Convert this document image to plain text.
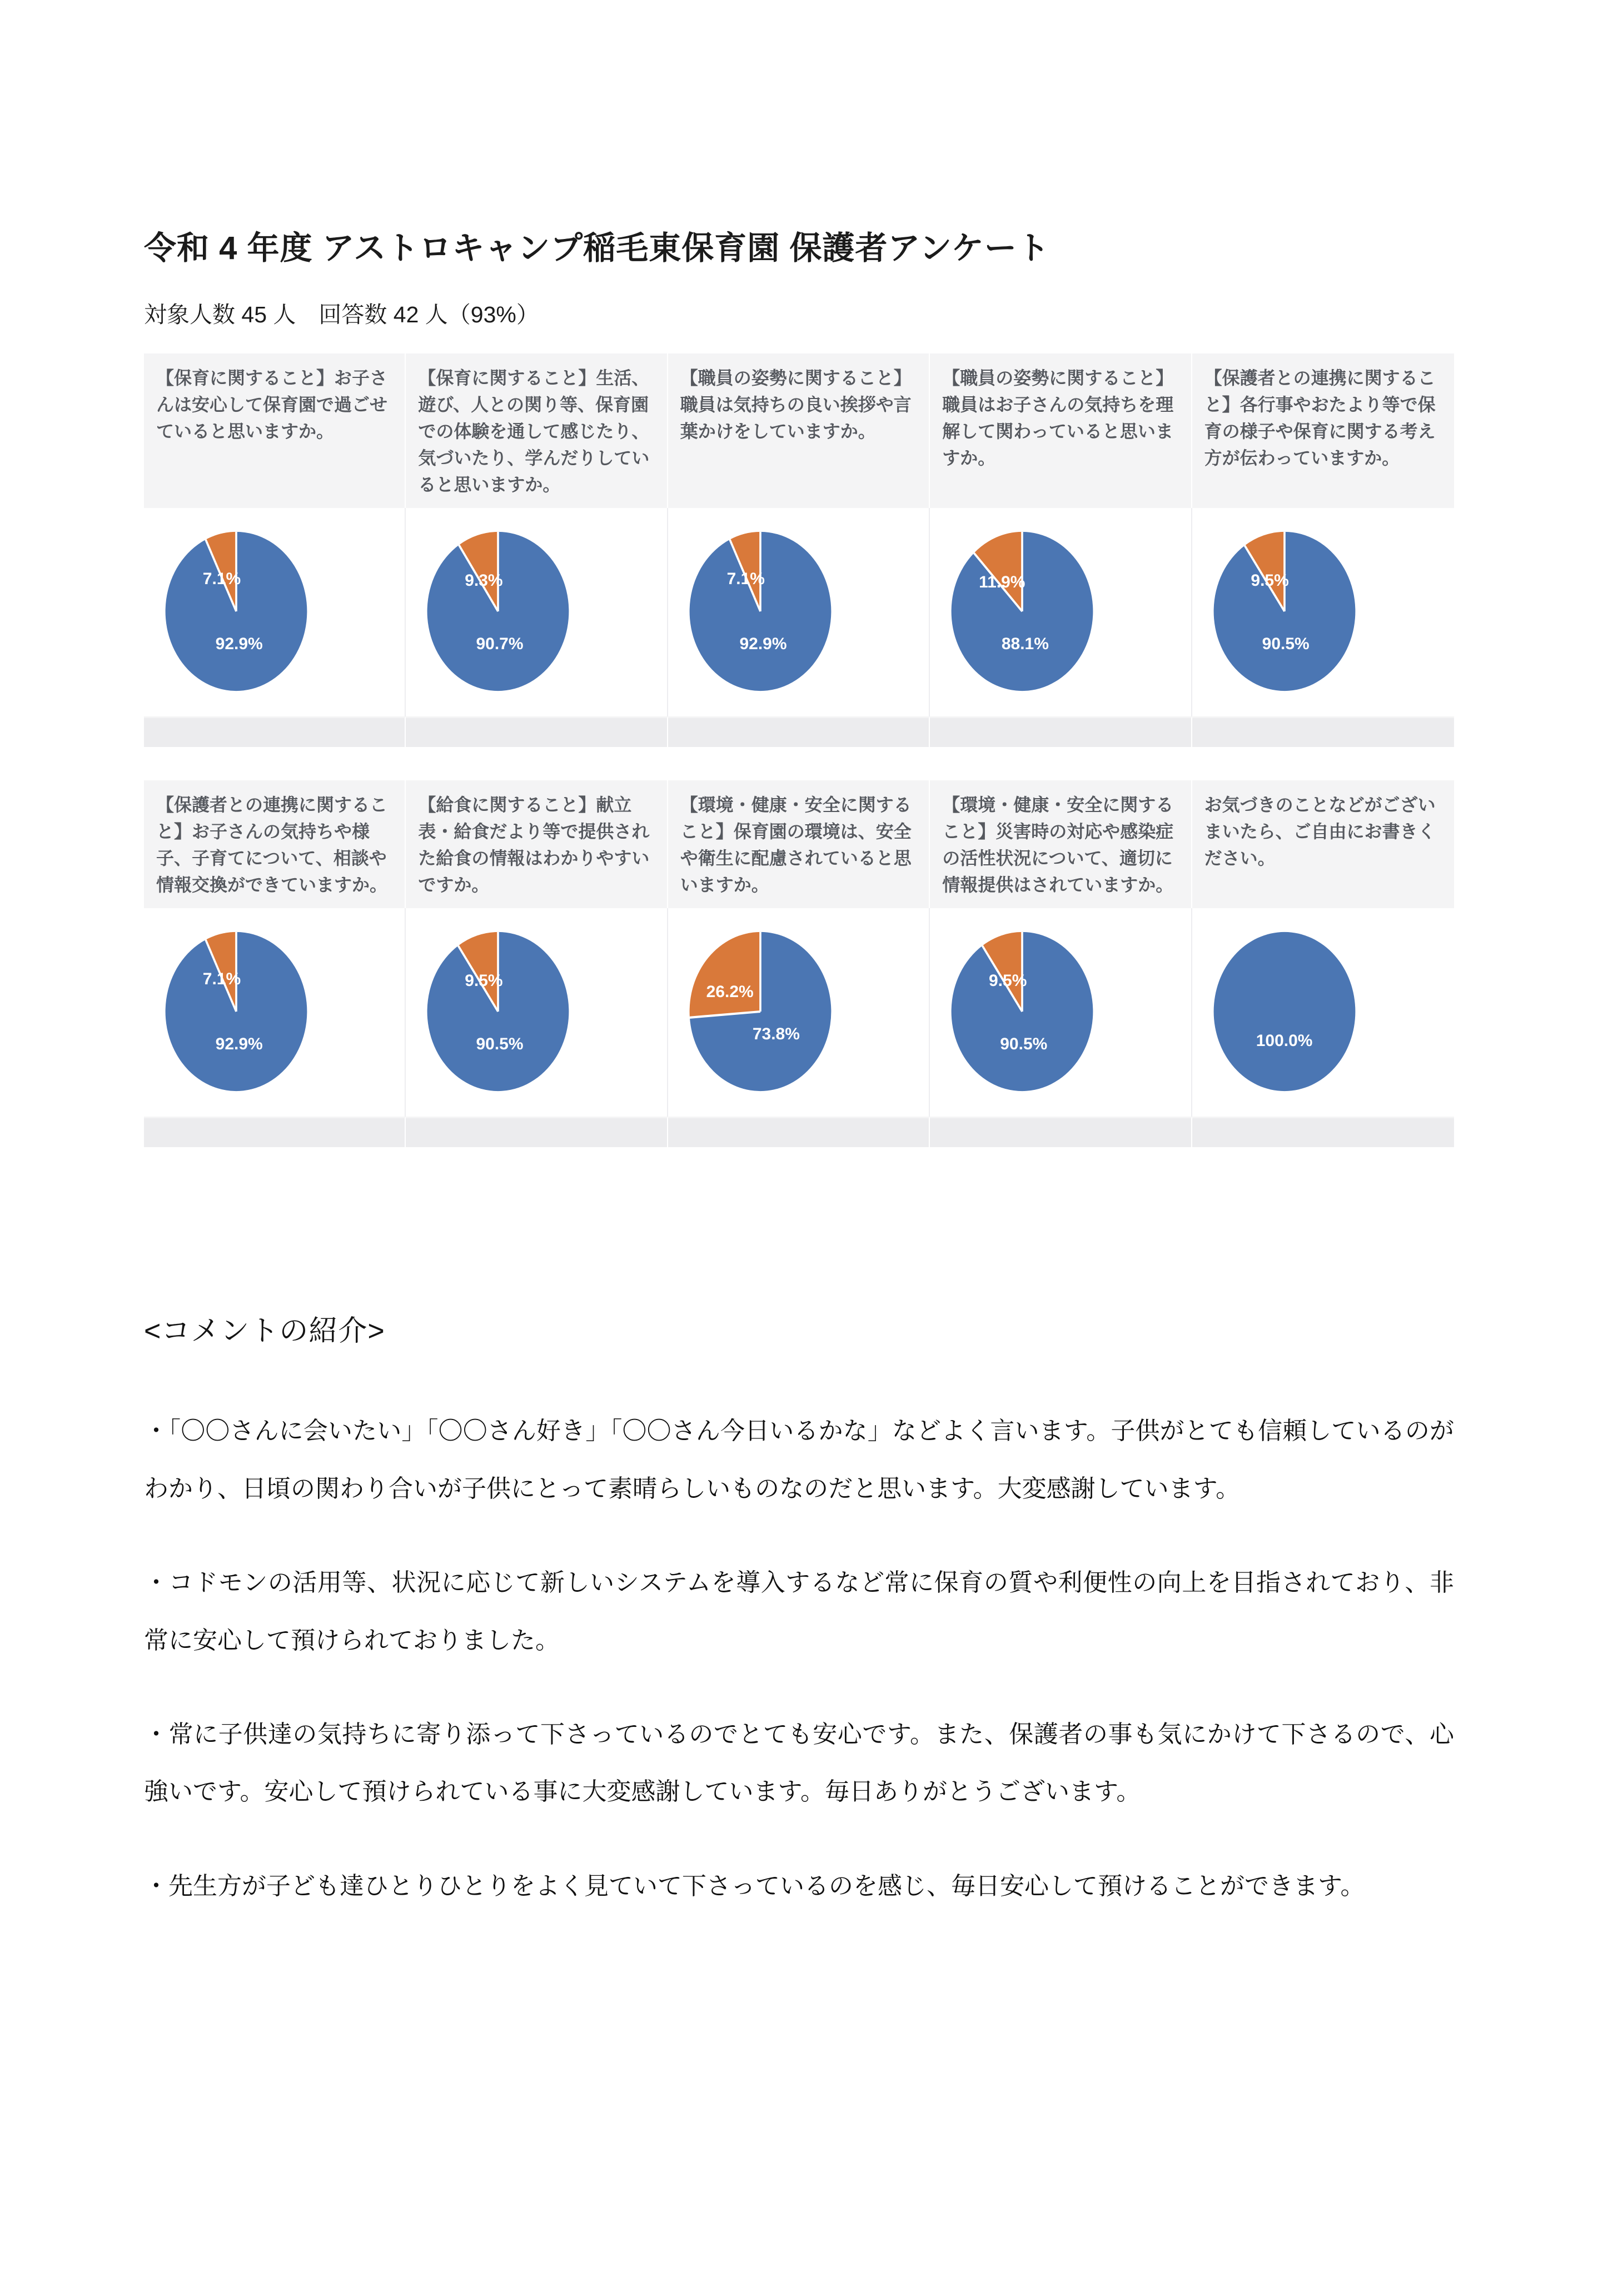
令和 4 年度 アストロキャンプ稲毛東保育園 保護者アンケート
対象人数 45 人　回答数 42 人（93%）
【保育に関すること】お子さんは安心して保育園で過ごせていると思いますか。
【保育に関すること】生活、遊び、人との関り等、保育園での体験を通して感じたり、気づいたり、学んだりしていると思いますか。
【職員の姿勢に関すること】職員は気持ちの良い挨拶や言葉かけをしていますか。
【職員の姿勢に関すること】職員はお子さんの気持ちを理解して関わっていると思いますか。
【保護者との連携に関すること】各行事やおたより等で保育の様子や保育に関する考え方が伝わっていますか。
92.9%
7.1%
90.7%
9.3%
92.9%
7.1%
88.1%
11.9%
90.5%
9.5%
【保護者との連携に関すること】お子さんの気持ちや様子、子育てについて、相談や情報交換ができていますか。
【給食に関すること】献立表・給食だより等で提供された給食の情報はわかりやすいですか。
【環境・健康・安全に関すること】保育園の環境は、安全や衛生に配慮されていると思いますか。
【環境・健康・安全に関すること】災害時の対応や感染症の活性状況について、適切に情報提供はされていますか。
お気づきのことなどがございまいたら、ご自由にお書きください。
92.9%
7.1%
90.5%
9.5%
73.8%
26.2%
90.5%
9.5%
100.0%
<コメントの紹介>

・「〇〇さんに会いたい」「〇〇さん好き」「〇〇さん今日いるかな」などよく言います。子供がとても信頼しているのがわかり、日頃の関わり合いが子供にとって素晴らしいものなのだと思います。大変感謝しています。

・コドモンの活用等、状況に応じて新しいシステムを導入するなど常に保育の質や利便性の向上を目指されており、非常に安心して預けられておりました。

・常に子供達の気持ちに寄り添って下さっているのでとても安心です。また、保護者の事も気にかけて下さるので、心強いです。安心して預けられている事に大変感謝しています。毎日ありがとうございます。

・先生方が子ども達ひとりひとりをよく見ていて下さっているのを感じ、毎日安心して預けることができます。
